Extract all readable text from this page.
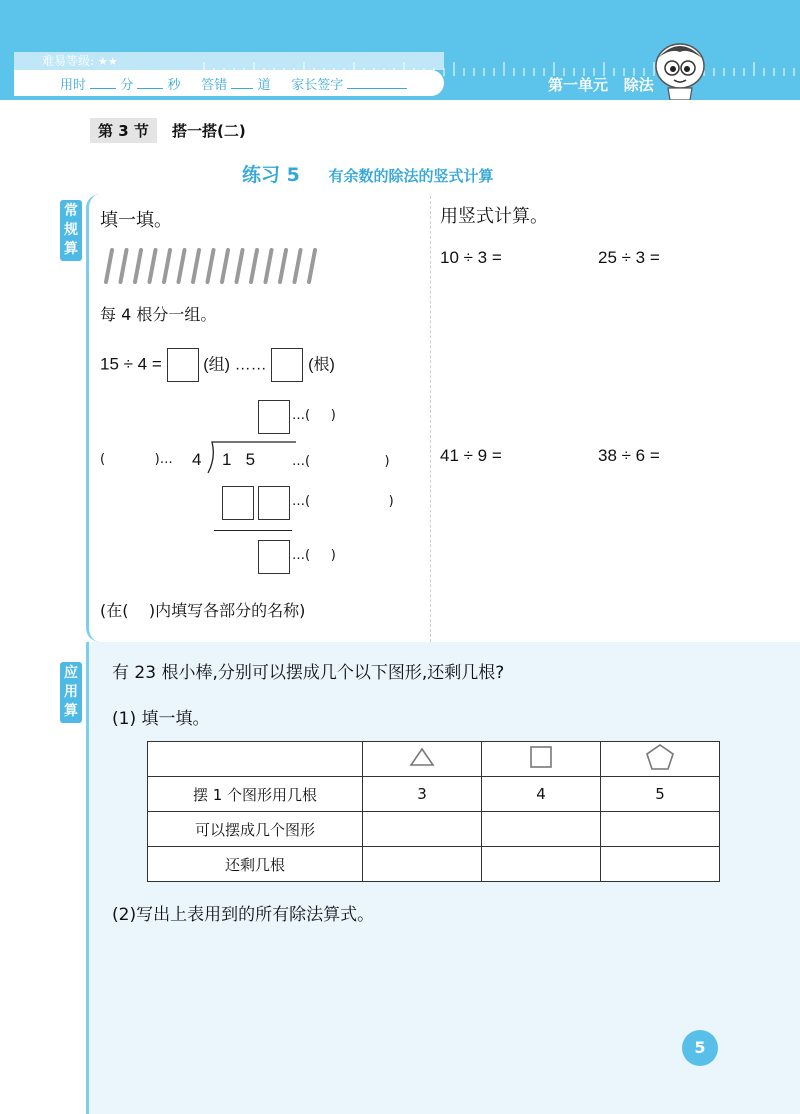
难易等级: ★★
用时	分	秒 答错 道 家长签字	第一单元 除法
第 3 节	搭一搭(二)
练习 5 有余数的除法的竖式计算
常
规
算
填一填。
每 4 根分一组。
15 ÷ 4 =	(组) ……	(根)
…(     )
(            )… 4 1   5	…(                  )
…(                   )
…(     )
(在(    )内填写各部分的名称)
用竖式计算。
10 ÷ 3 =	25 ÷ 3 =
41 ÷ 9 =	38 ÷ 6 =
应
用
算
有 23 根小棒,分别可以摆成几个以下图形,还剩几根?
(1) 填一填。

摆 1 个图形用几根	3	4	5
可以摆成几个图形			
还剩几根			
(2)写出上表用到的所有除法算式。
5
